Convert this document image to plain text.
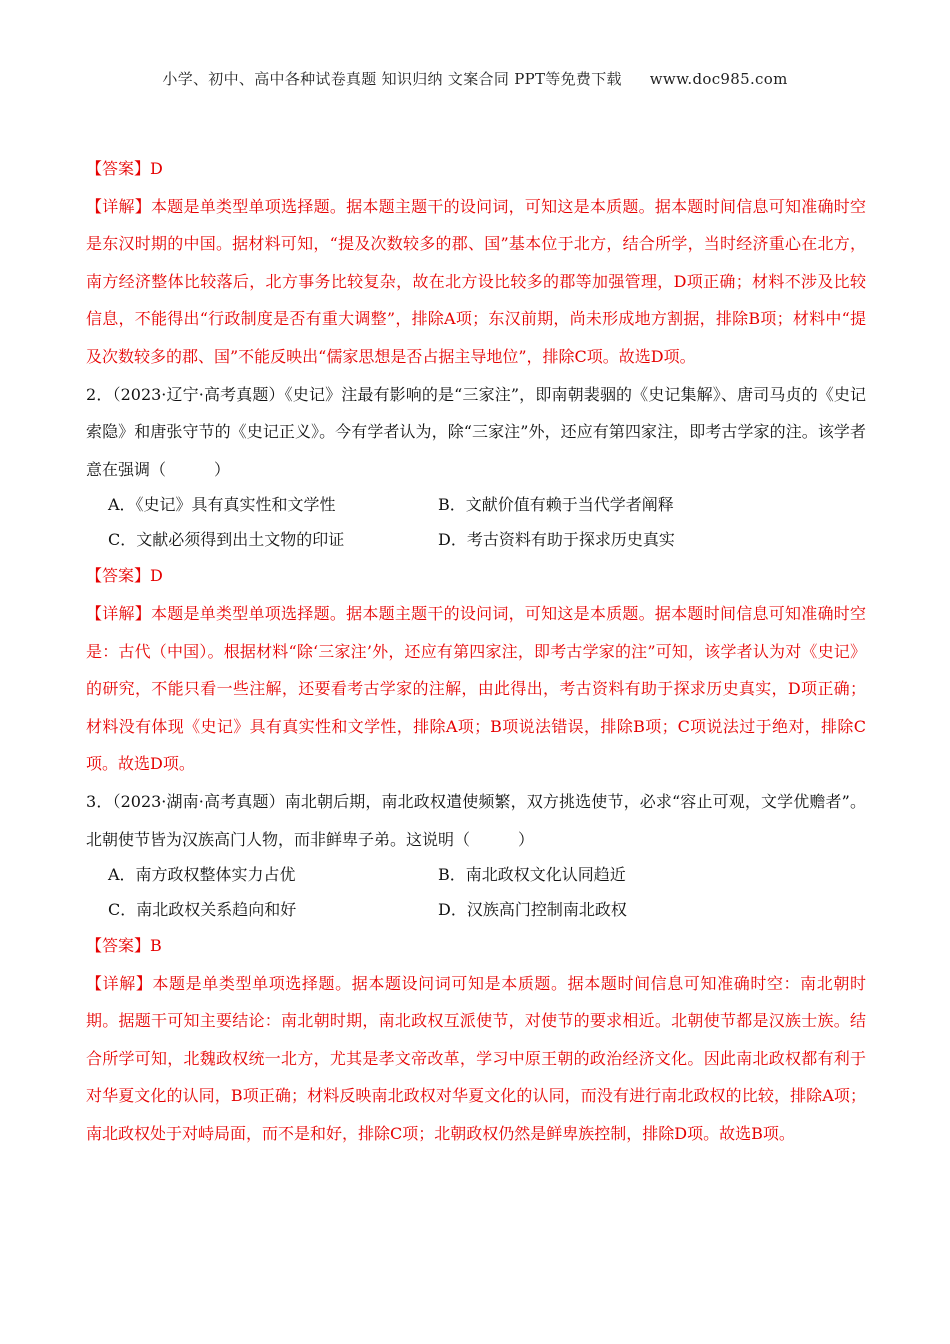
小学、初中、高中各种试卷真题 知识归纳 文案合同 PPT等免费下载 www.doc985.com

【答案】D

【详解】本题是单类型单项选择题。据本题主题干的设问词，可知这是本质题。据本题时间信息可知准确时空是东汉时期的中国。据材料可知，“提及次数较多的郡、国”基本位于北方，结合所学，当时经济重心在北方，南方经济整体比较落后，北方事务比较复杂，故在北方设比较多的郡等加强管理，D项正确；材料不涉及比较信息，不能得出“行政制度是否有重大调整”，排除A项；东汉前期，尚未形成地方割据，排除B项；材料中“提及次数较多的郡、国”不能反映出“儒家思想是否占据主导地位”，排除C项。故选D项。

2．（2023·辽宁·高考真题）《史记》注最有影响的是“三家注”，即南朝裴骃的《史记集解》、唐司马贞的《史记索隐》和唐张守节的《史记正义》。今有学者认为，除“三家注”外，还应有第四家注，即考古学家的注。该学者意在强调（　　　）

A．《史记》具有真实性和文学性	B．文献价值有赖于当代学者阐释
C．文献必须得到出土文物的印证	D．考古资料有助于探求历史真实

【答案】D

【详解】本题是单类型单项选择题。据本题主题干的设问词，可知这是本质题。据本题时间信息可知准确时空是：古代（中国）。根据材料“除‘三家注’外，还应有第四家注，即考古学家的注”可知，该学者认为对《史记》的研究，不能只看一些注解，还要看考古学家的注解，由此得出，考古资料有助于探求历史真实，D项正确；材料没有体现《史记》具有真实性和文学性，排除A项；B项说法错误，排除B项；C项说法过于绝对，排除C项。故选D项。

3．（2023·湖南·高考真题）南北朝后期，南北政权遣使频繁，双方挑选使节，必求“容止可观，文学优赡者”。北朝使节皆为汉族高门人物，而非鲜卑子弟。这说明（　　　）

A．南方政权整体实力占优	B．南北政权文化认同趋近
C．南北政权关系趋向和好	D．汉族高门控制南北政权

【答案】B

【详解】本题是单类型单项选择题。据本题设问词可知是本质题。据本题时间信息可知准确时空：南北朝时期。据题干可知主要结论：南北朝时期，南北政权互派使节，对使节的要求相近。北朝使节都是汉族士族。结合所学可知，北魏政权统一北方，尤其是孝文帝改革，学习中原王朝的政治经济文化。因此南北政权都有利于对华夏文化的认同，B项正确；材料反映南北政权对华夏文化的认同，而没有进行南北政权的比较，排除A项；南北政权处于对峙局面，而不是和好，排除C项；北朝政权仍然是鲜卑族控制，排除D项。故选B项。
